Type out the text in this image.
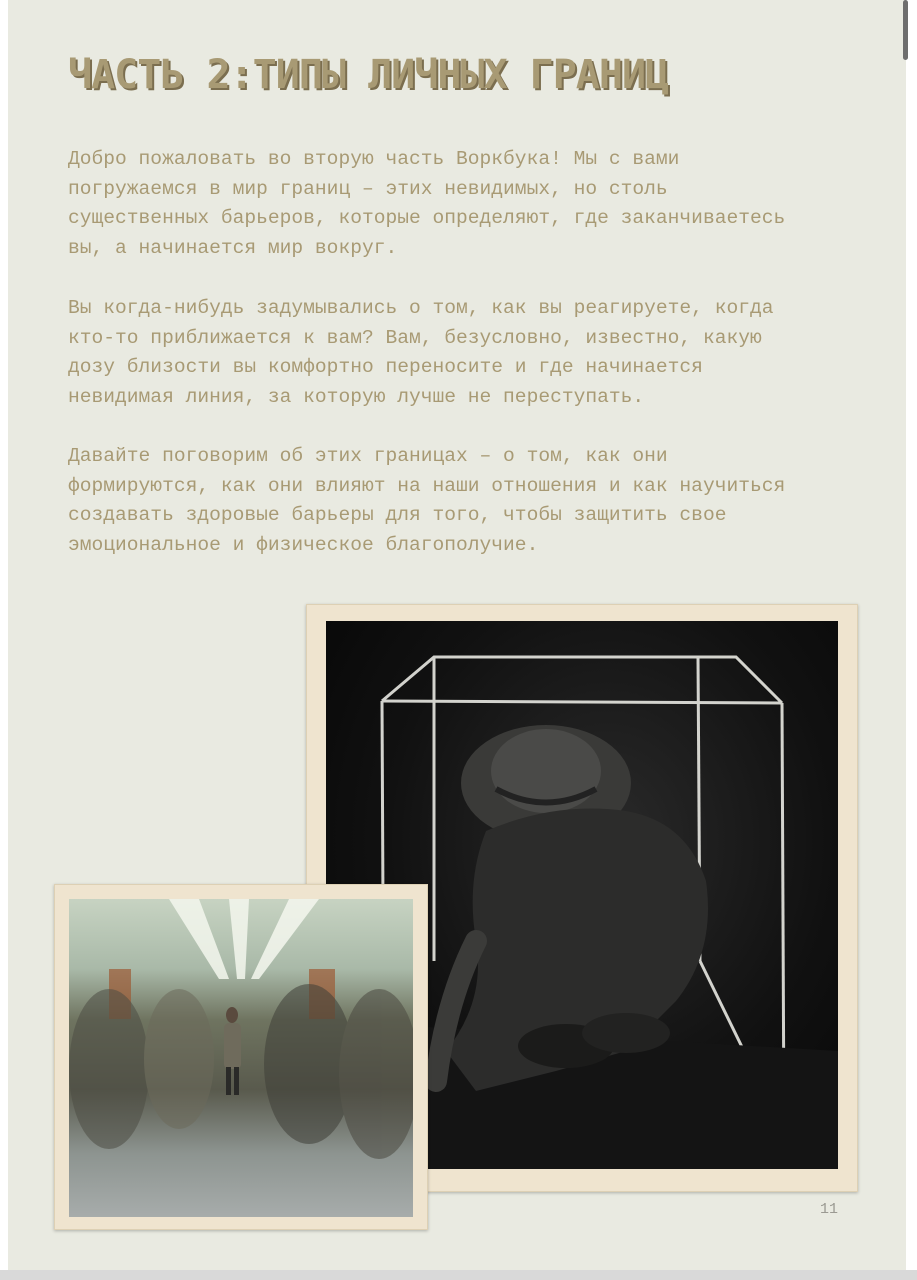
ЧАСТЬ 2:ТИПЫ ЛИЧНЫХ ГРАНИЦ

Добро пожаловать во вторую часть Воркбука! Мы с вами
погружаемся в мир границ – этих невидимых, но столь
существенных барьеров, которые определяют, где заканчиваетесь
вы, а начинается мир вокруг.

Вы когда-нибудь задумывались о том, как вы реагируете, когда
кто-то приближается к вам? Вам, безусловно, известно, какую
дозу близости вы комфортно переносите и где начинается
невидимая линия, за которую лучше не переступать.

Давайте поговорим об этих границах – о том, как они
формируются, как они влияют на наши отношения и как научиться
создавать здоровые барьеры для того, чтобы защитить свое
эмоциональное и физическое благополучие.

11
